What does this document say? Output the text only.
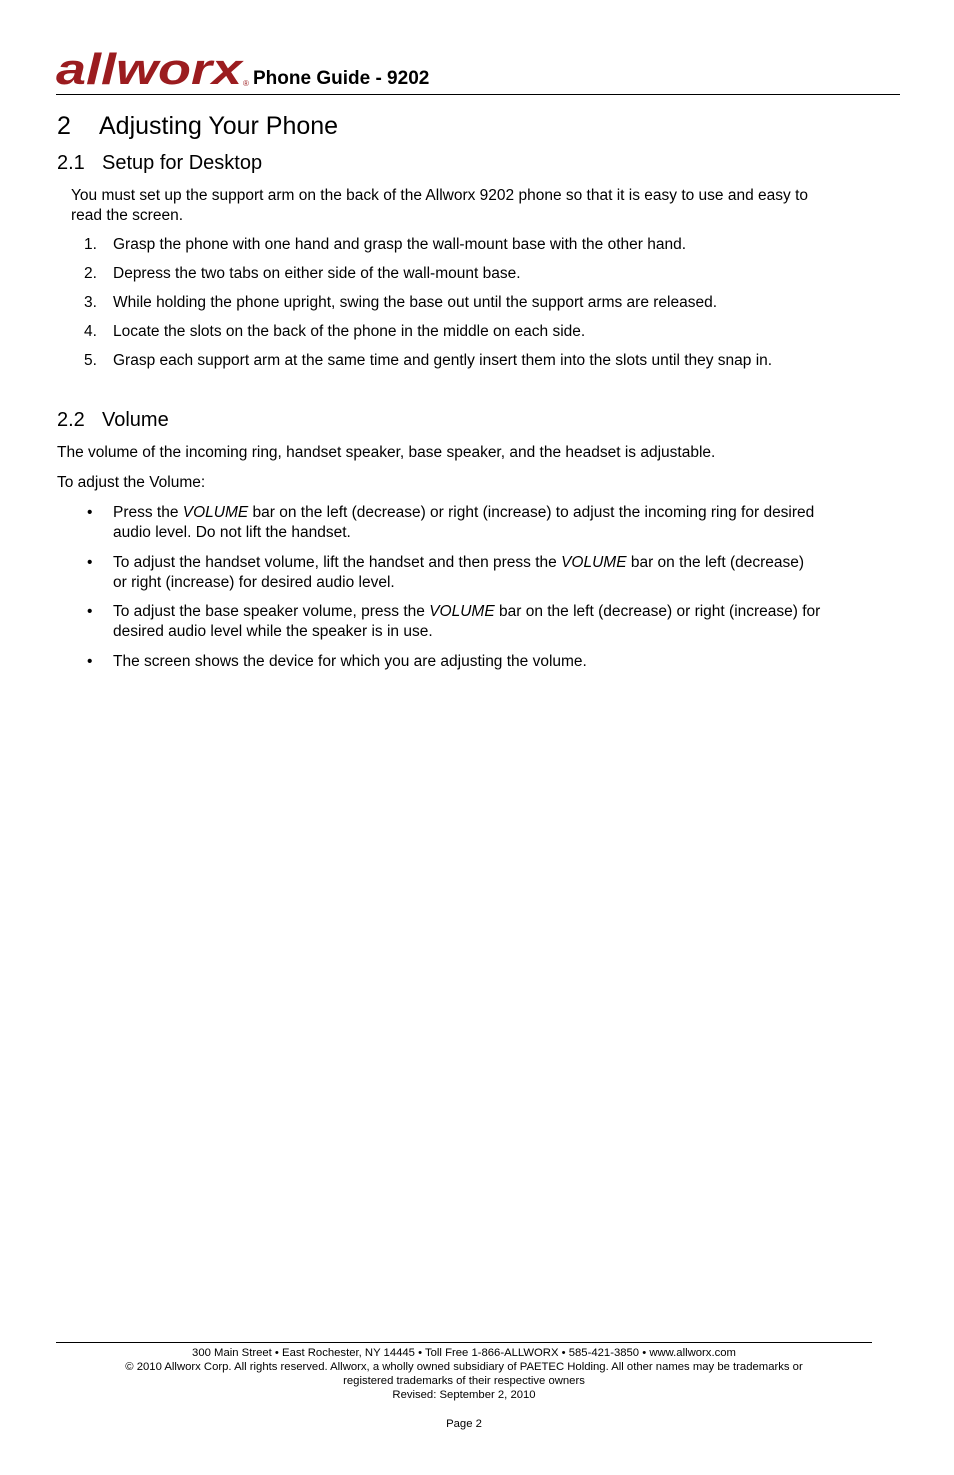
allworx ® Phone Guide - 9202
2 Adjusting Your Phone
2.1 Setup for Desktop
You must set up the support arm on the back of the Allworx 9202 phone so that it is easy to use and easy to
read the screen.
1. Grasp the phone with one hand and grasp the wall-mount base with the other hand.
2. Depress the two tabs on either side of the wall-mount base.
3. While holding the phone upright, swing the base out until the support arms are released.
4. Locate the slots on the back of the phone in the middle on each side.
5. Grasp each support arm at the same time and gently insert them into the slots until they snap in.
2.2 Volume
The volume of the incoming ring, handset speaker, base speaker, and the headset is adjustable.
To adjust the Volume:
• Press the VOLUME bar on the left (decrease) or right (increase) to adjust the incoming ring for desired
audio level. Do not lift the handset.
• To adjust the handset volume, lift the handset and then press the VOLUME bar on the left (decrease)
or right (increase) for desired audio level.
• To adjust the base speaker volume, press the VOLUME bar on the left (decrease) or right (increase) for
desired audio level while the speaker is in use.
• The screen shows the device for which you are adjusting the volume.
300 Main Street • East Rochester, NY 14445 • Toll Free 1-866-ALLWORX • 585-421-3850 • www.allworx.com
© 2010 Allworx Corp. All rights reserved. Allworx, a wholly owned subsidiary of PAETEC Holding. All other names may be trademarks or
registered trademarks of their respective owners
Revised: September 2, 2010
Page 2
